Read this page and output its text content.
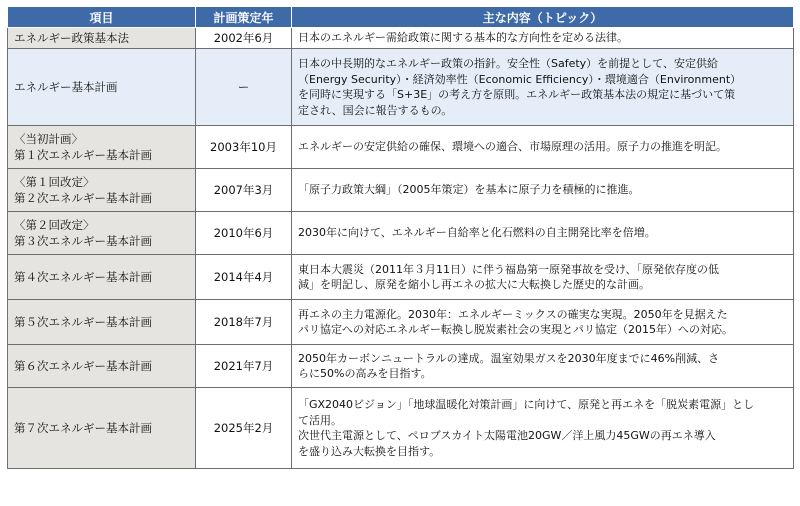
項目	計画策定年	主な内容（トピック）

エネルギー政策基本法	2002年6月	日本のエネルギー需給政策に関する基本的な方向性を定める法律。

エネルギー基本計画	ー	日本の中長期的なエネルギー政策の指針。安全性（Safety）を前提として、安定供給
（Energy Security）・経済効率性（Economic Efficiency）・環境適合（Environment）
を同時に実現する「S+3E」の考え方を原則。エネルギー政策基本法の規定に基づいて策
定され、国会に報告するもの。

〈当初計画〉
第１次エネルギー基本計画	2003年10月	エネルギーの安定供給の確保、環境への適合、市場原理の活用。原子力の推進を明記。

〈第１回改定〉
第２次エネルギー基本計画	2007年3月	「原子力政策大綱」（2005年策定）を基本に原子力を積極的に推進。

〈第２回改定〉
第３次エネルギー基本計画	2010年6月	2030年に向けて、エネルギー自給率と化石燃料の自主開発比率を倍増。

第４次エネルギー基本計画	2014年4月	東日本大震災（2011年３月11日）に伴う福島第一原発事故を受け、「原発依存度の低
減」を明記し、原発を縮小し再エネの拡大に大転換した歴史的な計画。

第５次エネルギー基本計画	2018年7月	再エネの主力電源化。2030年：エネルギーミックスの確実な実現。2050年を見据えた
パリ協定への対応エネルギー転換し脱炭素社会の実現とパリ協定（2015年）への対応。

第６次エネルギー基本計画	2021年7月	2050年カーボンニュートラルの達成。温室効果ガスを2030年度までに46%削減、さ
らに50%の高みを目指す。

第７次エネルギー基本計画	2025年2月	「GX2040ビジョン」「地球温暖化対策計画」に向けて、原発と再エネを「脱炭素電源」とし
て活用。
次世代主電源として、ペロブスカイト太陽電池20GW／洋上風力45GWの再エネ導入
を盛り込み大転換を目指す。
